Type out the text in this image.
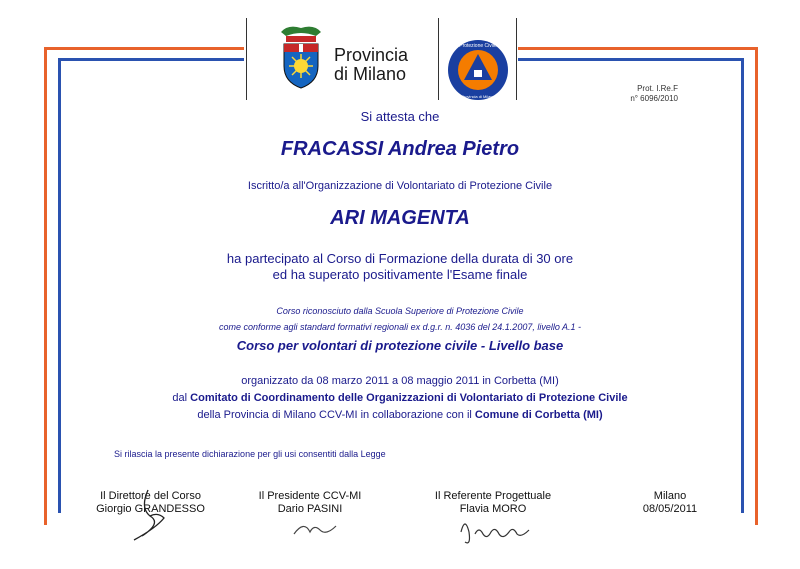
Provincia
di Milano
Protezione Civile
Provincia di Milano
Prot. I.Re.F
n° 6096/2010
Si attesta che
FRACASSI Andrea Pietro
Iscritto/a all'Organizzazione di Volontariato di Protezione Civile
ARI MAGENTA
ha partecipato al Corso di Formazione della durata di 30 ore
ed ha superato positivamente l'Esame finale
Corso riconosciuto dalla Scuola Superiore di Protezione Civile
come conforme agli standard formativi regionali ex d.g.r. n. 4036 del 24.1.2007, livello A.1 -
Corso per volontari di protezione civile - Livello base
organizzato da 08 marzo 2011 a 08 maggio 2011 in Corbetta (MI)
dal Comitato di Coordinamento delle Organizzazioni di Volontariato di Protezione Civile
della Provincia di Milano CCV-MI in collaborazione con il Comune di Corbetta (MI)
Si rilascia la presente dichiarazione per gli usi consentiti dalla Legge
Il Direttore del Corso
Giorgio GRANDESSO
Il Presidente CCV-MI
Dario PASINI
Il Referente Progettuale
Flavia MORO
Milano
08/05/2011
